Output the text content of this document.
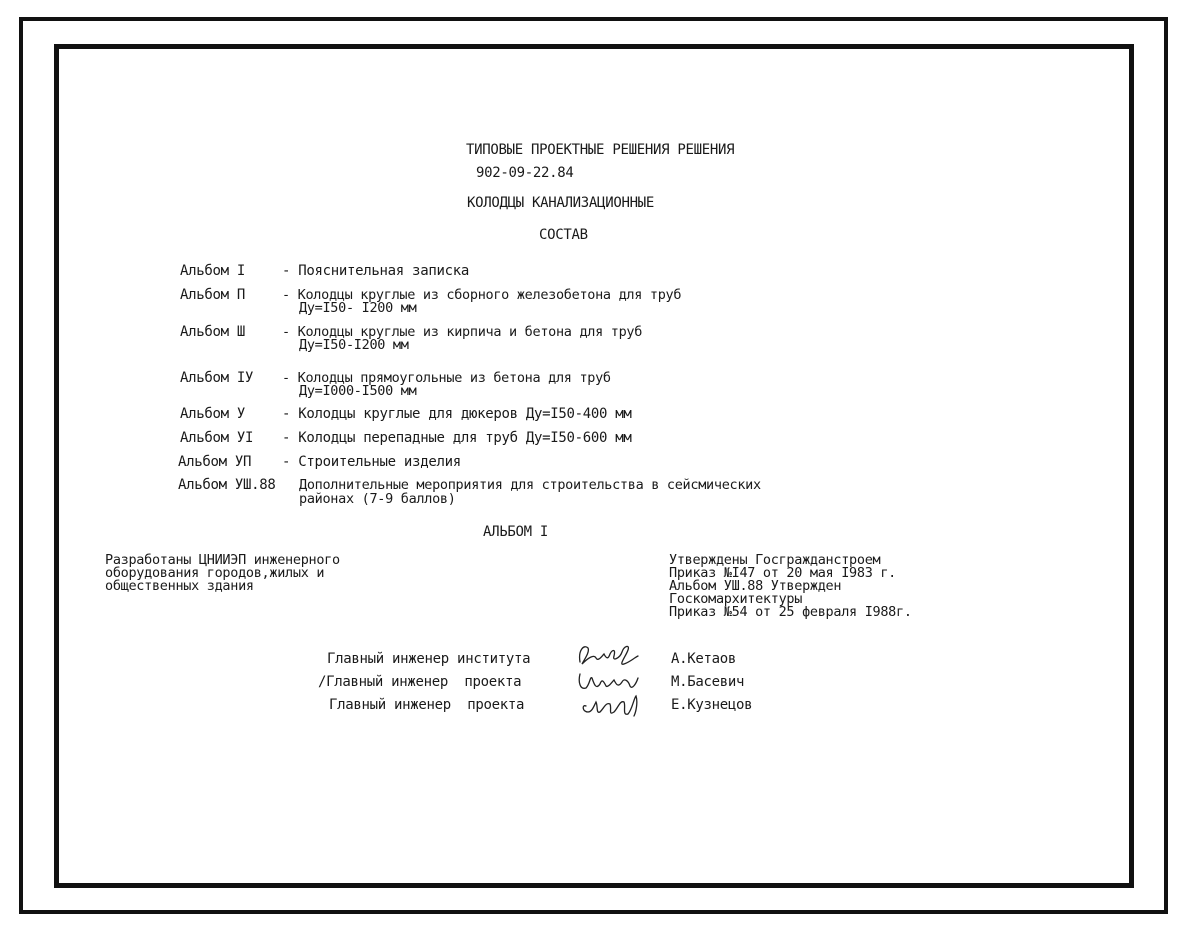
ТИПОВЫЕ ПРОЕКТНЫЕ РЕШЕНИЯ РЕШЕНИЯ
902-09-22.84
КОЛОДЦЫ КАНАЛИЗАЦИОННЫЕ
СОСТАВ
Альбом I	- Пояснительная записка
Альбом П	- Колодцы круглые из сборного железобетона для труб
Ду=I50- I200 мм
Альбом Ш	- Колодцы круглые из кирпича и бетона для труб
Ду=I50-I200 мм
Альбом IУ - Колодцы прямоугольные из бетона для труб
Ду=I000-I500 мм
Альбом У	- Колодцы круглые для дюкеров Ду=I50-400 мм
Альбом УI - Колодцы перепадные для труб Ду=I50-600 мм
Альбом УП - Строительные изделия
Альбом УШ.88 Дополнительные мероприятия для строительства в сейсмических
районах (7-9 баллов)
АЛЬБОМ I
Разработаны ЦНИИЭП инженерного
оборудования городов,жилых и
общественных здания
Утверждены Госгражданстроем
Приказ №I47 от 20 мая I983 г.
Альбом УШ.88 Утвержден
Госкомархитектуры
Приказ №54 от 25 февраля I988г.
Главный инженер института	А.Кетаов
/Главный инженер  проекта	М.Басевич
Главный инженер  проекта	Е.Кузнецов
